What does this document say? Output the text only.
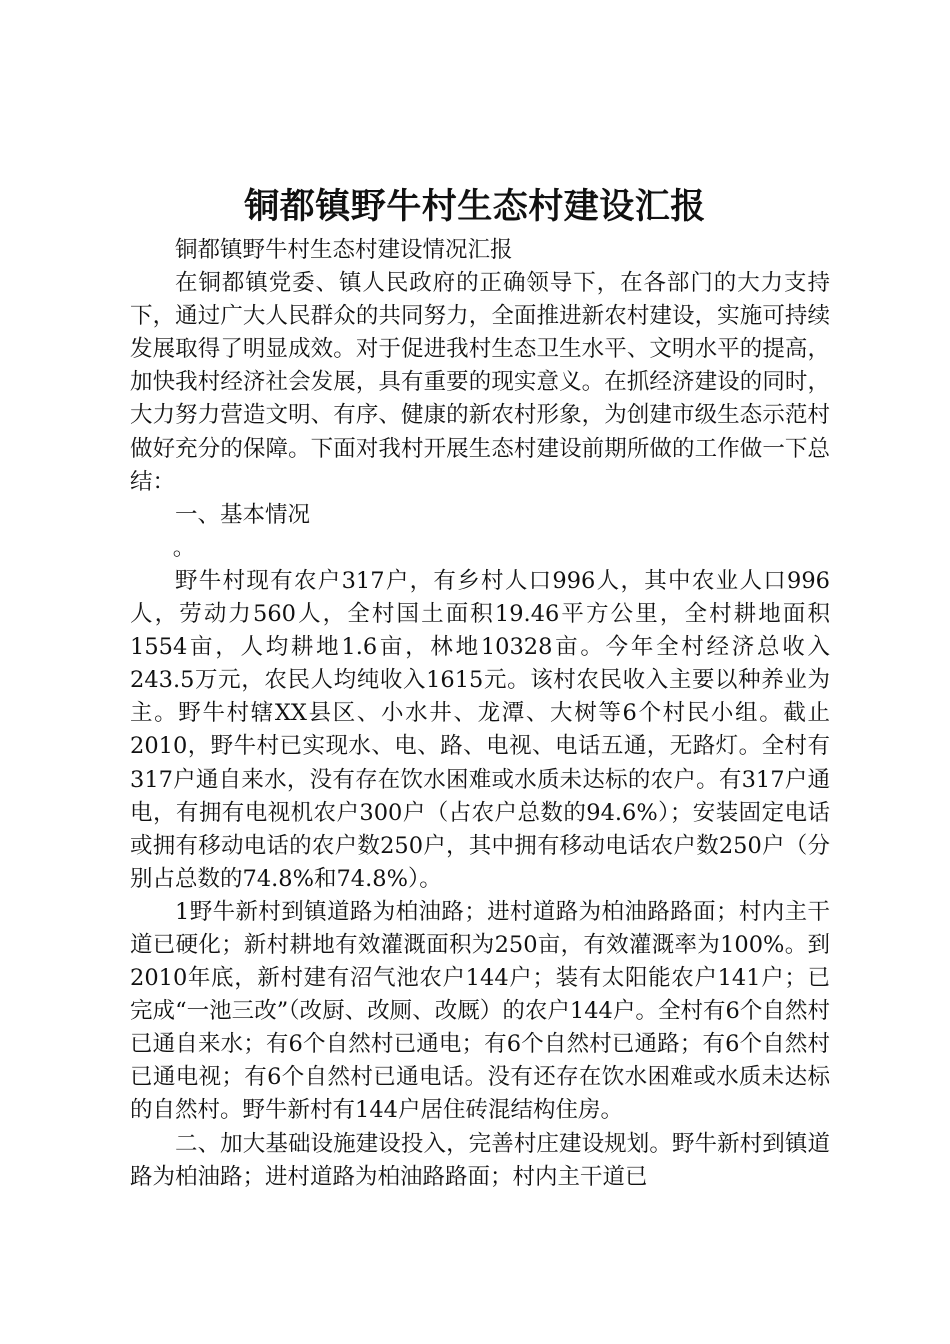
铜都镇野牛村生态村建设汇报

铜都镇野牛村生态村建设情况汇报

在铜都镇党委、镇人民政府的正确领导下，在各部门的大力支持下，通过广大人民群众的共同努力，全面推进新农村建设，实施可持续发展取得了明显成效。对于促进我村生态卫生水平、文明水平的提高，加快我村经济社会发展，具有重要的现实意义。在抓经济建设的同时，大力努力营造文明、有序、健康的新农村形象，为创建市级生态示范村做好充分的保障。下面对我村开展生态村建设前期所做的工作做一下总结：

一、基本情况

。

野牛村现有农户317户，有乡村人口996人，其中农业人口996人，劳动力560人，全村国土面积19.46平方公里，全村耕地面积1554亩，人均耕地1.6亩，林地10328亩。今年全村经济总收入243.5万元，农民人均纯收入1615元。该村农民收入主要以种养业为主。野牛村辖XX县区、小水井、龙潭、大树等6个村民小组。截止2010，野牛村已实现水、电、路、电视、电话五通，无路灯。全村有317户通自来水，没有存在饮水困难或水质未达标的农户。有317户通电，有拥有电视机农户300户（占农户总数的94.6%）；安装固定电话或拥有移动电话的农户数250户，其中拥有移动电话农户数250户（分别占总数的74.8%和74.8%）。

1野牛新村到镇道路为柏油路；进村道路为柏油路路面；村内主干道已硬化；新村耕地有效灌溉面积为250亩，有效灌溉率为100%。到2010年底，新村建有沼气池农户144户；装有太阳能农户141户；已完成“一池三改”（改厨、改厕、改厩）的农户144户。全村有6个自然村已通自来水；有6个自然村已通电；有6个自然村已通路；有6个自然村已通电视；有6个自然村已通电话。没有还存在饮水困难或水质未达标的自然村。野牛新村有144户居住砖混结构住房。

二、加大基础设施建设投入，完善村庄建设规划。野牛新村到镇道路为柏油路；进村道路为柏油路路面；村内主干道已
